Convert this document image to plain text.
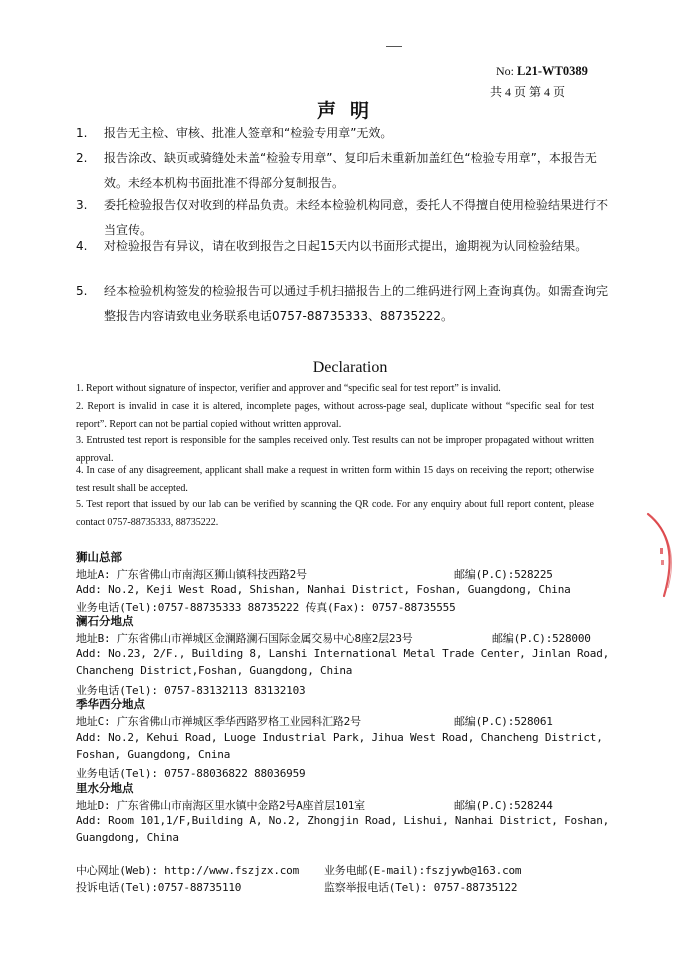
No: L21-WT0389
共 4 页 第 4 页
声明
1. 报告无主检、审核、批准人签章和“检验专用章”无效。
2. 报告涂改、缺页或骑缝处未盖“检验专用章”、复印后未重新加盖红色“检验专用章”，本报告无效。未经本机构书面批准不得部分复制报告。
3. 委托检验报告仅对收到的样品负责。未经本检验机构同意，委托人不得擅自使用检验结果进行不当宣传。
4. 对检验报告有异议，请在收到报告之日起15天内以书面形式提出，逾期视为认同检验结果。
5. 经本检验机构签发的检验报告可以通过手机扫描报告上的二维码进行网上查询真伪。如需查询完整报告内容请致电业务联系电话0757-88735333、88735222。
Declaration
1. Report without signature of inspector, verifier and approver and “specific seal for test report” is invalid.
2. Report is invalid in case it is altered, incomplete pages, without across-page seal, duplicate without “specific seal for test report”. Report can not be partial copied without written approval.
3. Entrusted test report is responsible for the samples received only. Test results can not be improper propagated without written approval.
4. In case of any disagreement, applicant shall make a request in written form within 15 days on receiving the report; otherwise test result shall be accepted.
5. Test report that issued by our lab can be verified by scanning the QR code. For any enquiry about full report content, please contact 0757-88735333, 88735222.
狮山总部
地址A: 广东省佛山市南海区狮山镇科技西路2号	邮编(P.C):528225
Add: No.2, Keji West Road, Shishan, Nanhai District, Foshan, Guangdong, China
业务电话(Tel):0757-88735333 88735222 传真(Fax): 0757-88735555
澜石分地点
地址B: 广东省佛山市禅城区金澜路澜石国际金属交易中心8座2层23号	邮编(P.C):528000
Add: No.23, 2/F., Building 8, Lanshi International Metal Trade Center, Jinlan Road,
Chancheng District,Foshan, Guangdong, China
业务电话(Tel): 0757-83132113 83132103
季华西分地点
地址C: 广东省佛山市禅城区季华西路罗格工业园科汇路2号	邮编(P.C):528061
Add: No.2, Kehui Road, Luoge Industrial Park, Jihua West Road, Chancheng District,
Foshan, Guangdong, Cnina
业务电话(Tel): 0757-88036822 88036959
里水分地点
地址D: 广东省佛山市南海区里水镇中金路2号A座首层101室	邮编(P.C):528244
Add: Room 101,1/F,Building A, No.2, Zhongjin Road, Lishui, Nanhai District, Foshan,
Guangdong, China
中心网址(Web): http://www.fszjzx.com 业务电邮(E-mail):fszjywb@163.com
投诉电话(Tel):0757-88735110	监察举报电话(Tel): 0757-88735122
